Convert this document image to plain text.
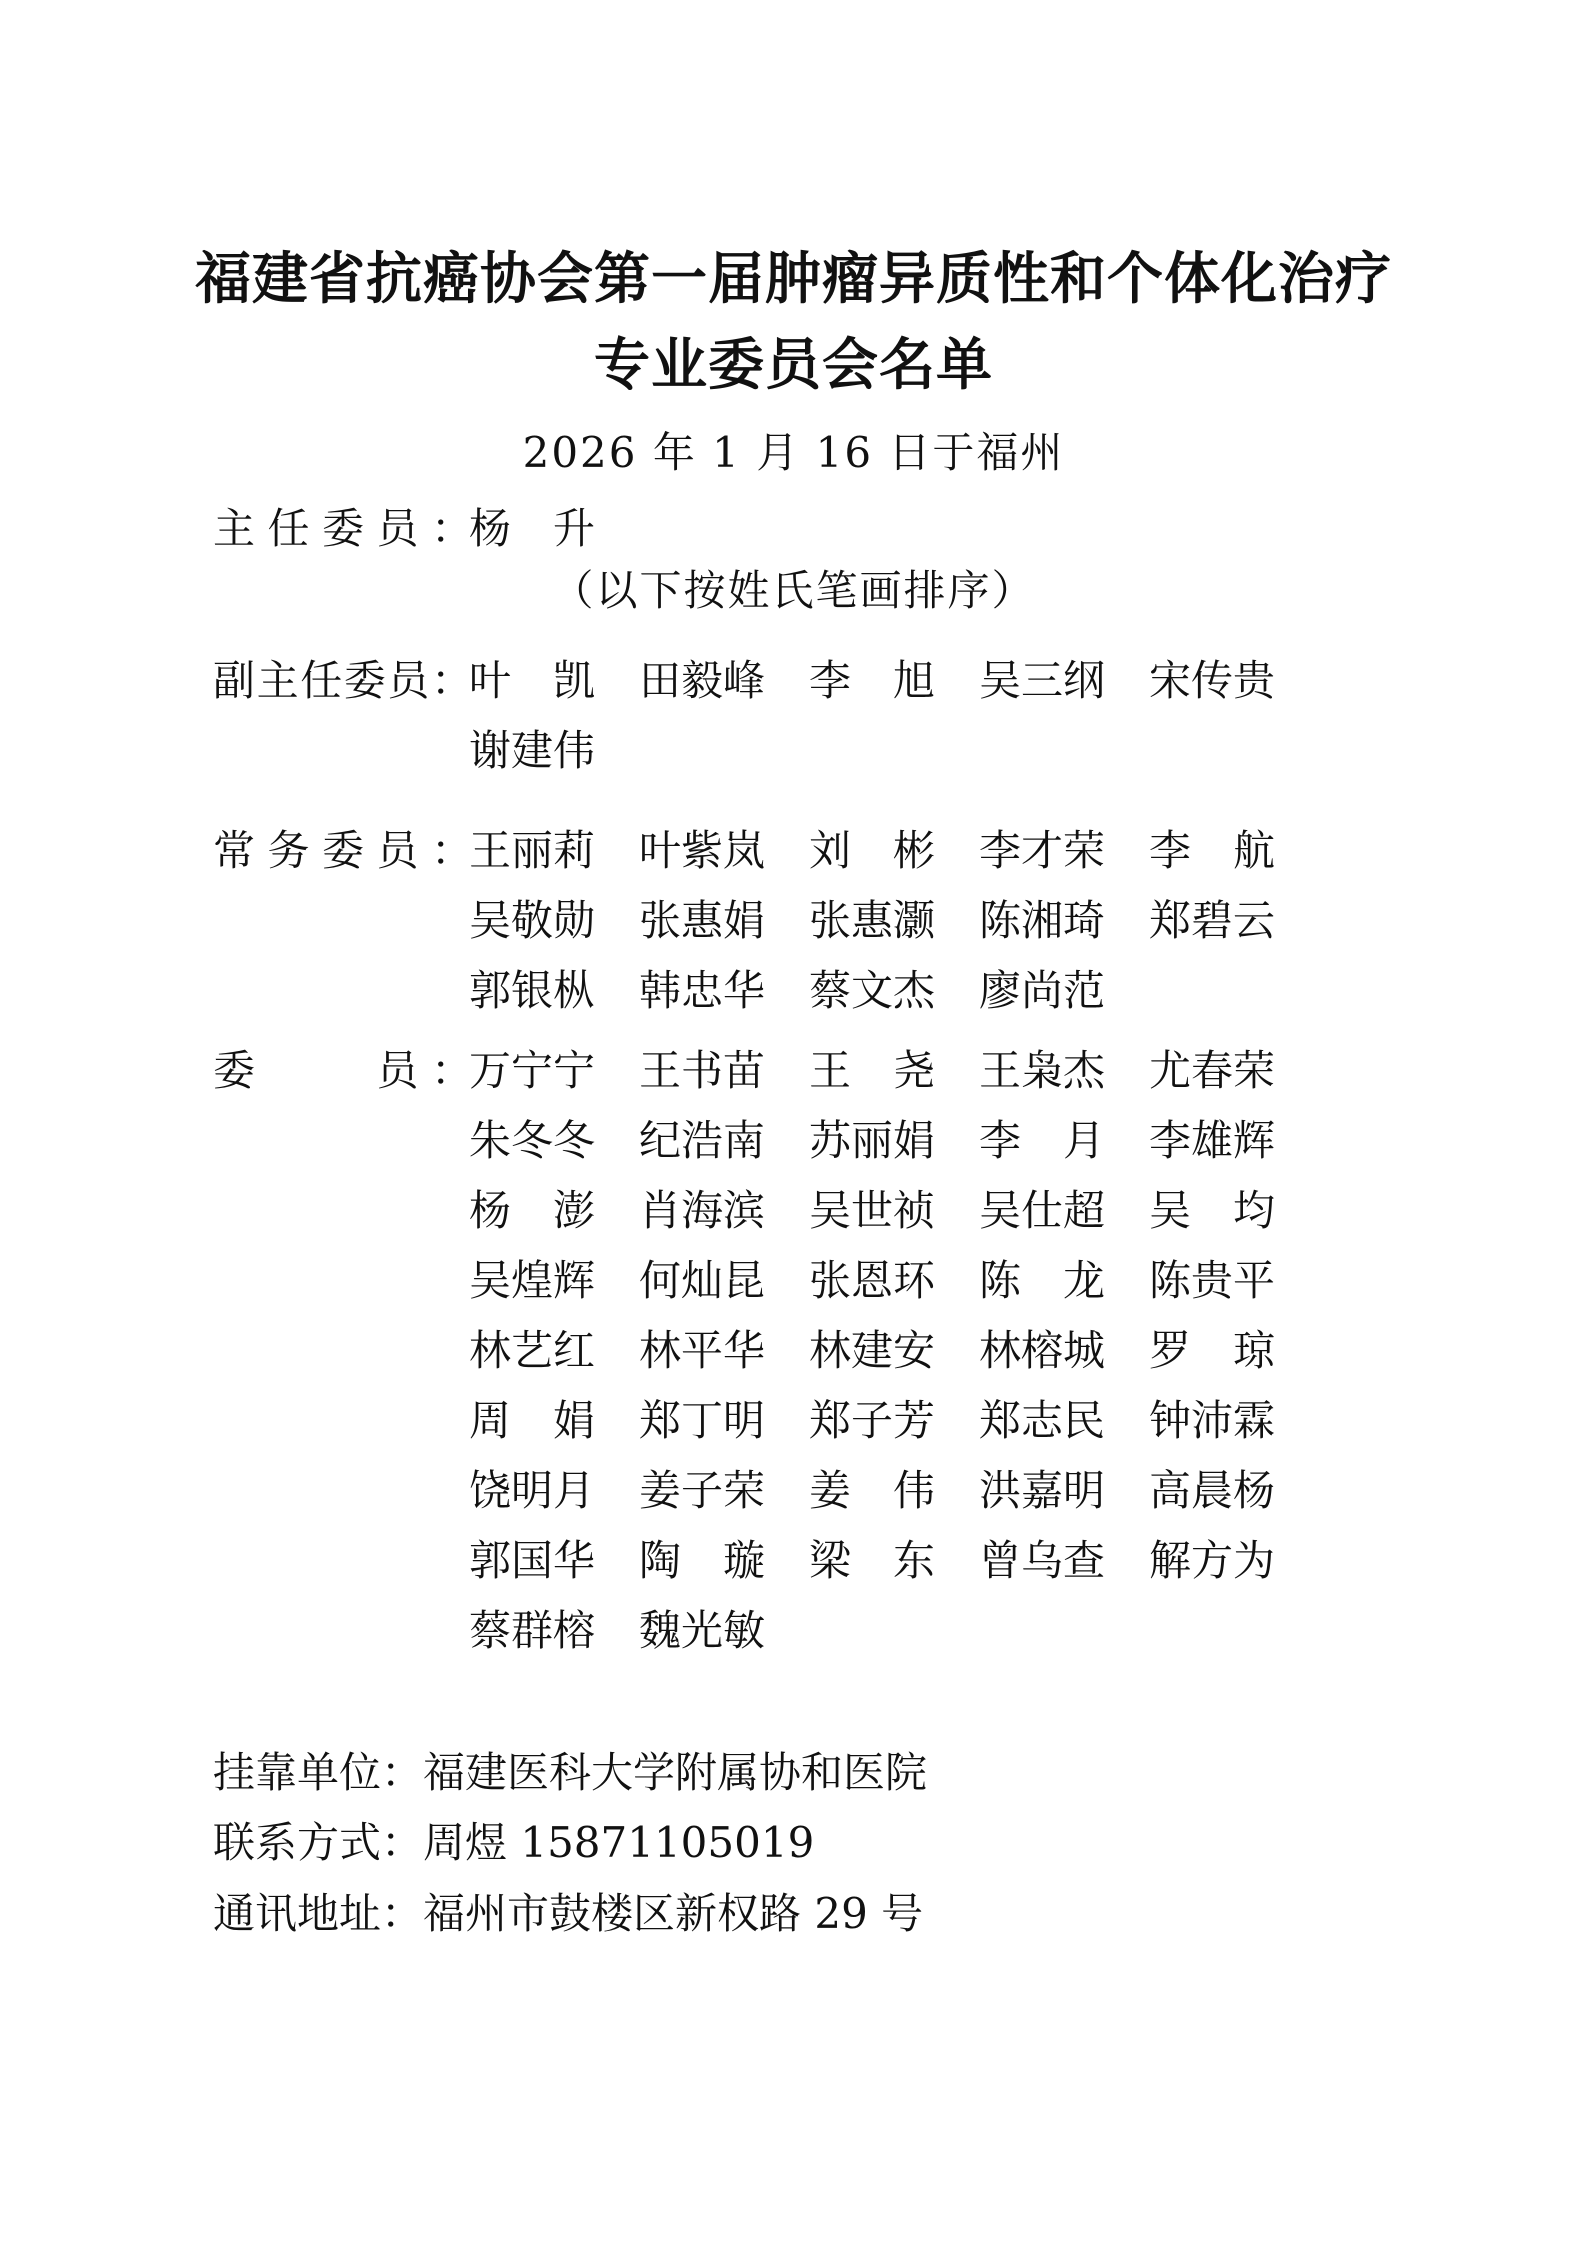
福建省抗癌协会第一届肿瘤异质性和个体化治疗
专业委员会名单
2026 年 1 月 16 日于福州
主 任 委 员 ：
杨 升
（以下按姓氏笔画排序）
副 主 任 委 员 ：
叶 凯 田 毅 峰 李 旭 吴 三 纲 宋 传 贵
谢 建 伟
常 务 委 员 ：
王 丽 莉 叶 紫 岚 刘 彬 李 才 荣 李 航
吴 敬 勋 张 惠 娟 张 惠 灏 陈 湘 琦 郑 碧 云
郭 银 枞 韩 忠 华 蔡 文 杰 廖 尚 范
委

　	员 ：
万 宁 宁 王 书 苗 王 尧 王 枭 杰 尤 春 荣
朱 冬 冬 纪 浩 南 苏 丽 娟 李 月 李 雄 辉
杨 澎 肖 海 滨 吴 世 祯 吴 仕 超 吴 均
吴 煌 辉 何 灿 昆 张 恩 环 陈 龙 陈 贵 平
林 艺 红 林 平 华 林 建 安 林 榕 城 罗 琼
周 娟 郑 丁 明 郑 子 芳 郑 志 民 钟 沛 霖
饶 明 月 姜 子 荣 姜 伟 洪 嘉 明 高 晨 杨
郭 国 华 陶 璇 梁 东 曾 乌 查 解 方 为
蔡 群 榕 魏 光 敏
挂靠单位：福建医科大学附属协和医院
联系方式：周煜 15871105019
通讯地址：福州市鼓楼区新权路 29 号
